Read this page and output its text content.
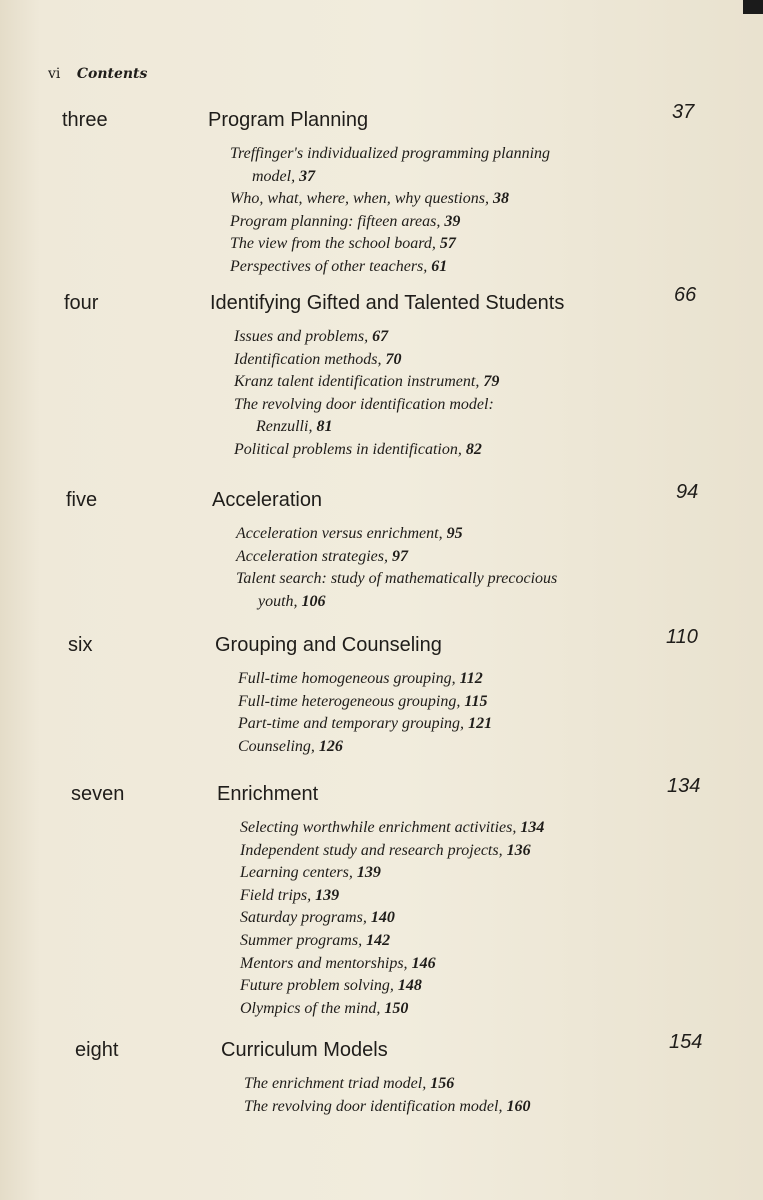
vi Contents
three	Program Planning	37
Treffinger's individualized programming planning
model, 37
Who, what, where, when, why questions, 38
Program planning: fifteen areas, 39
The view from the school board, 57
Perspectives of other teachers, 61
four	Identifying Gifted and Talented Students	66
Issues and problems, 67
Identification methods, 70
Kranz talent identification instrument, 79
The revolving door identification model:
Renzulli, 81
Political problems in identification, 82
five	Acceleration	94
Acceleration versus enrichment, 95
Acceleration strategies, 97
Talent search: study of mathematically precocious
youth, 106
six	Grouping and Counseling	110
Full-time homogeneous grouping, 112
Full-time heterogeneous grouping, 115
Part-time and temporary grouping, 121
Counseling, 126
seven	Enrichment	134
Selecting worthwhile enrichment activities, 134
Independent study and research projects, 136
Learning centers, 139
Field trips, 139
Saturday programs, 140
Summer programs, 142
Mentors and mentorships, 146
Future problem solving, 148
Olympics of the mind, 150
eight	Curriculum Models	154
The enrichment triad model, 156
The revolving door identification model, 160
